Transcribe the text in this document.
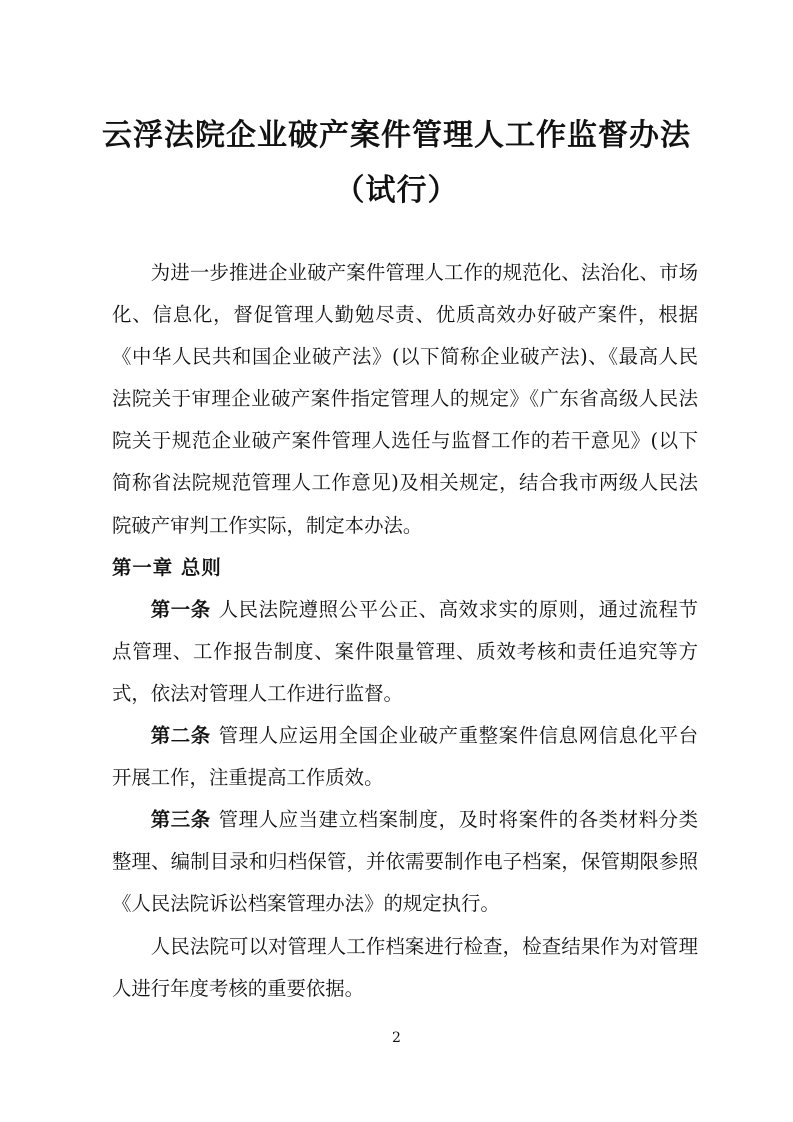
云浮法院企业破产案件管理人工作监督办法
（试行）

为进一步推进企业破产案件管理人工作的规范化、法治化、市场化、信息化，督促管理人勤勉尽责、优质高效办好破产案件，根据《中华人民共和国企业破产法》(以下简称企业破产法)、《最高人民法院关于审理企业破产案件指定管理人的规定》《广东省高级人民法院关于规范企业破产案件管理人选任与监督工作的若干意见》(以下简称省法院规范管理人工作意见)及相关规定，结合我市两级人民法院破产审判工作实际，制定本办法。

第一章 总则

第一条 人民法院遵照公平公正、高效求实的原则，通过流程节点管理、工作报告制度、案件限量管理、质效考核和责任追究等方式，依法对管理人工作进行监督。

第二条 管理人应运用全国企业破产重整案件信息网信息化平台开展工作，注重提高工作质效。

第三条 管理人应当建立档案制度，及时将案件的各类材料分类整理、编制目录和归档保管，并依需要制作电子档案，保管期限参照《人民法院诉讼档案管理办法》的规定执行。

人民法院可以对管理人工作档案进行检查，检查结果作为对管理人进行年度考核的重要依据。

2
